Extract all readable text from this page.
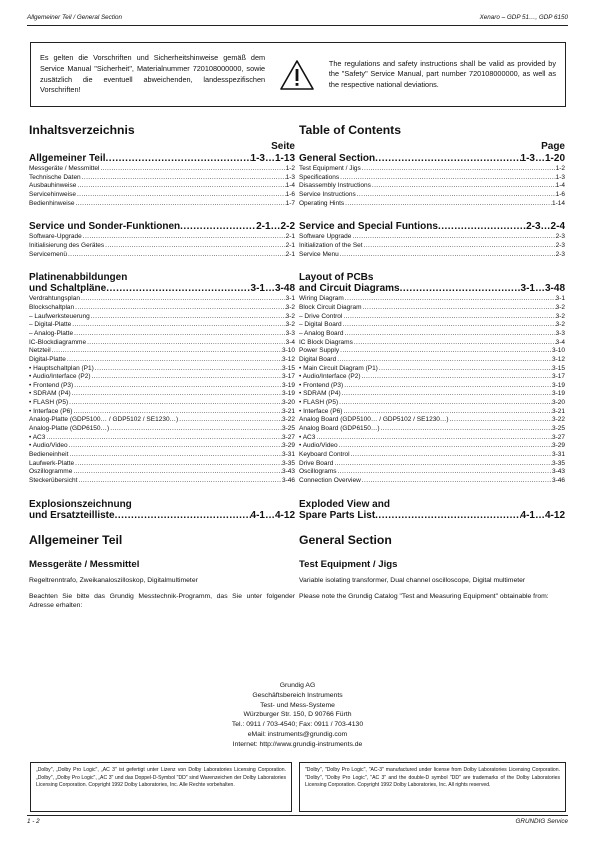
Allgemeiner Teil / General Section	Xenaro – GDP 51…, GDP 6150
Es gelten die Vorschriften und Sicherheitshinweise gemäß dem Service Manual "Sicherheit", Materialnummer 720108000000, sowie zusätzlich die eventuell abweichenden, landesspezifischen Vorschriften!
The regulations and safety instructions shall be valid as provided by the "Safety" Service Manual, part number 720108000000, as well as the respective national deviations.
Inhaltsverzeichnis
Seite
Allgemeiner Teil .....	1-3…1-13
Messgeräte / Messmittel .....	1-2
Technische Daten .....	1-3
Ausbauhinweise .....	1-4
Servicehinweise .....	1-6
Bedienhinweise .....	1-7
Service und Sonder-Funktionen .....	2-1…2-2
Software-Upgrade .....	2-1
Initialisierung des Gerätes .....	2-1
Servicemenü .....	2-1
Platinenabbildungen
und Schaltpläne .....	3-1…3-48
Verdrahtungsplan .....	3-1
Blockschaltplan .....	3-2
– Laufwerksteuerung .....	3-2
– Digital-Platte .....	3-2
– Analog-Platte .....	3-3
IC-Blockdiagramme .....	3-4
Netzteil .....	3-10
Digital-Platte .....	3-12
• Hauptschaltplan (P1) .....	3-15
• Audio/Interface (P2) .....	3-17
• Frontend (P3) .....	3-19
• SDRAM (P4) .....	3-19
• FLASH (P5) .....	3-20
• Interface (P6) .....	3-21
Analog-Platte (GDP5100… / GDP5102 / SE1230…) .....	3-22
Analog-Platte (GDP6150…) .....	3-25
• AC3 .....	3-27
• Audio/Video .....	3-29
Bedieneinheit .....	3-31
Laufwerk-Platte .....	3-35
Oszillogramme .....	3-43
Steckerübersicht .....	3-46
Explosionszeichnung
und Ersatzteilliste .....	4-1…4-12
Allgemeiner Teil
Messgeräte / Messmittel
Regeltrenntrafo, Zweikanaloszilloskop, Digitalmultimeter
Beachten Sie bitte das Grundig Messtechnik-Programm, das Sie unter folgender Adresse erhalten:
Table of Contents
Page
General Section .....	1-3…1-20
Test Equipment / Jigs .....	1-2
Specifications .....	1-3
Disassembly Instructions .....	1-4
Service Instructions .....	1-6
Operating Hints .....	1-14
Service and Special Funtions .....	2-3…2-4
Software Upgrade .....	2-3
Initialization of the Set .....	2-3
Service Menu .....	2-3
Layout of PCBs
and Circuit Diagrams .....	3-1…3-48
Wiring Diagram .....	3-1
Block Circuit Diagram .....	3-2
– Drive Control .....	3-2
– Digital Board .....	3-2
– Analog Board .....	3-3
IC Block Diagrams .....	3-4
Power Supply .....	3-10
Digital Board .....	3-12
• Main Circuit Diagram (P1) .....	3-15
• Audio/Interface (P2) .....	3-17
• Frontend (P3) .....	3-19
• SDRAM (P4) .....	3-19
• FLASH (P5) .....	3-20
• Interface (P6) .....	3-21
Analog Board (GDP5100… / GDP5102 / SE1230…) .....	3-22
Analog Board (GDP6150…) .....	3-25
• AC3 .....	3-27
• Audio/Video .....	3-29
Keyboard Control .....	3-31
Drive Board .....	3-35
Oscillograms .....	3-43
Connection Overview .....	3-46
Exploded View and
Spare Parts List .....	4-1…4-12
General Section
Test Equipment / Jigs
Variable isolating transformer, Dual channel oscilloscope, Digital multimeter
Please note the Grundig Catalog "Test and Measuring Equipment" obtainable from:
Grundig AG
Geschäftsbereich Instruments
Test- und Mess-Systeme
Würzburger Str. 150, D 90766 Fürth
Tel.: 0911 / 703-4540; Fax: 0911 / 703-4130
eMail: instruments@grundig.com
Internet: http://www.grundig-instruments.de
„Dolby", „Dolby Pro Logic", „AC 3" ist gefertigt unter Lizenz von Dolby Laboratories Licensing Corporation. „Dolby", „Dolby Pro Logic", „AC 3" und das Doppel-D-Symbol "DD" sind Warenzeichen der Dolby Laboratories Licensing Corporation. Copyright 1992 Dolby Laboratories, Inc. Alle Rechte vorbehalten.
"Dolby", "Dolby Pro Logic", "AC-3" manufactured under license from Dolby Laboratories Licensing Corporation. "Dolby", "Dolby Pro Logic", "AC 3" and the double-D symbol "DD" are trademarks of the Dolby Laboratories Licensing Corporation. Copyright 1992 Dolby Laboratories, Inc. All rights reserved.
1 - 2	GRUNDIG Service
